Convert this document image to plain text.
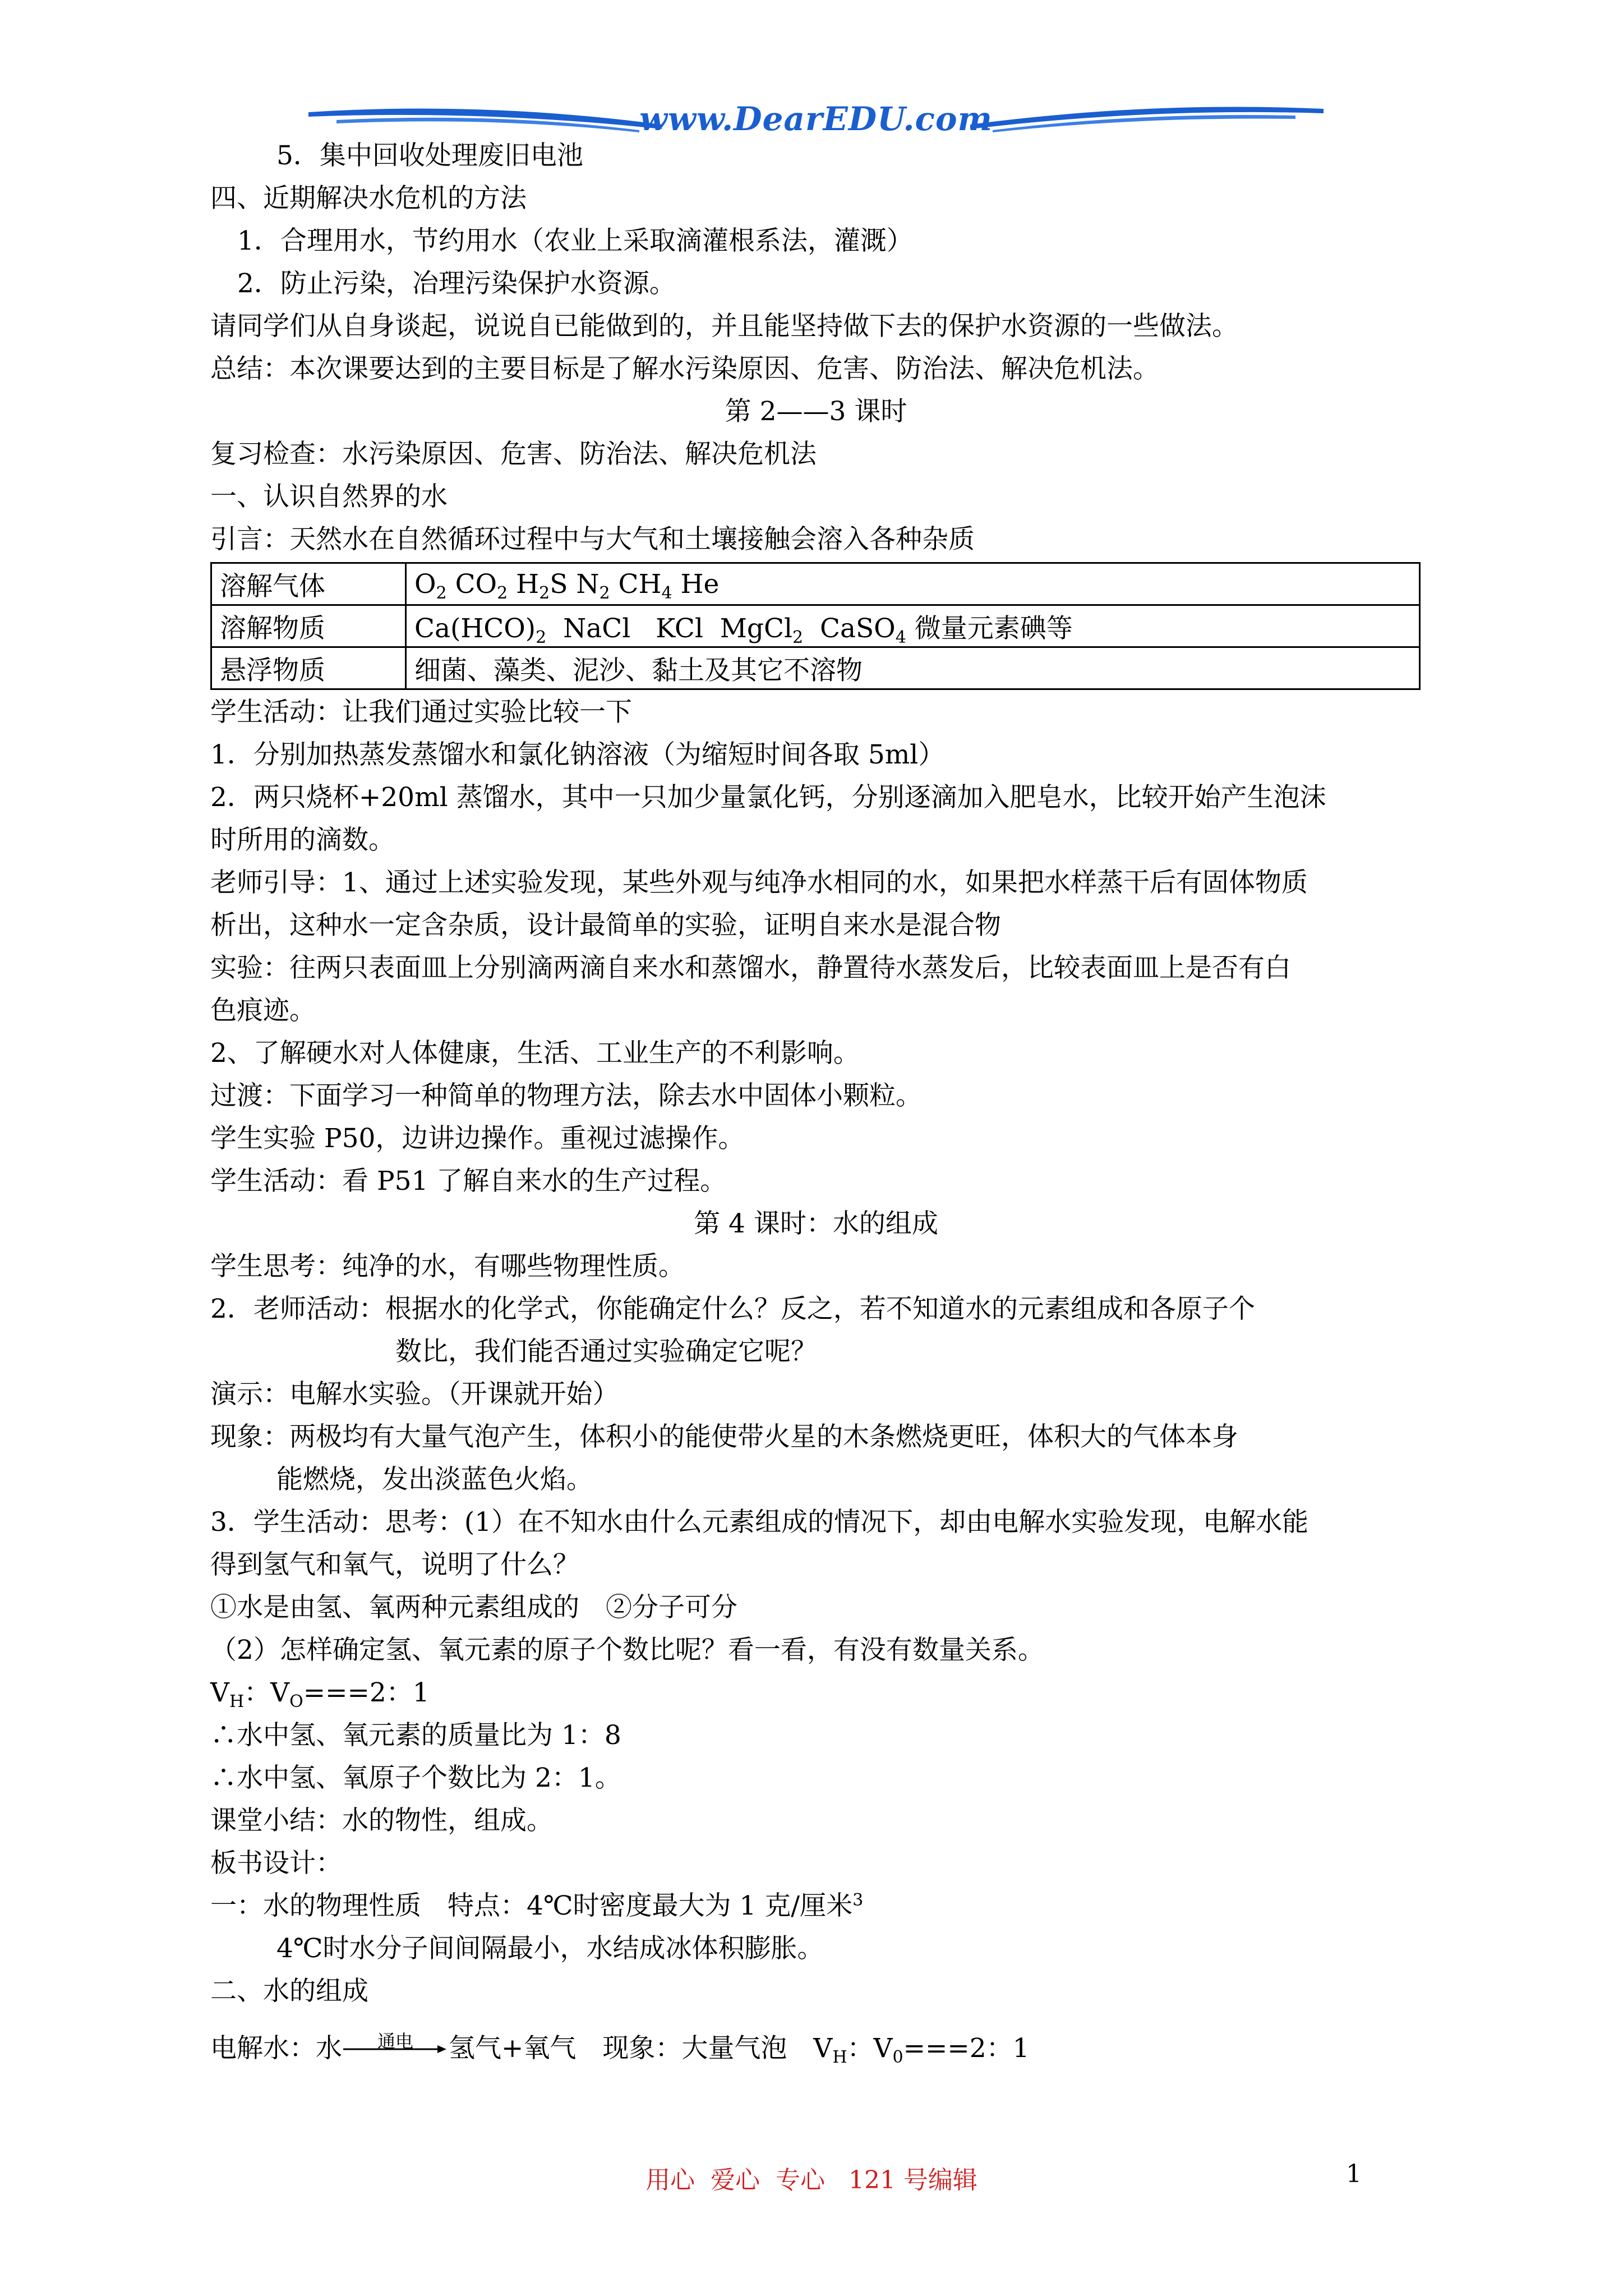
www.DearEDU.com
5．集中回收处理废旧电池
四、近期解决水危机的方法
1．合理用水，节约用水（农业上采取滴灌根系法，灌溉）
2．防止污染，冶理污染保护水资源。
请同学们从自身谈起，说说自已能做到的，并且能坚持做下去的保护水资源的一些做法。
总结：本次课要达到的主要目标是了解水污染原因、危害、防治法、解决危机法。
第 2——3 课时
复习检查：水污染原因、危害、防治法、解决危机法
一、认识自然界的水
引言：天然水在自然循环过程中与大气和土壤接触会溶入各种杂质
溶解气体	$O_2$ $CO_2$ $H_2S$ $N_2$ $CH_4$ He
溶解物质	$Ca(HCO)_2$  NaCl   KCl  MgCl$_2$  CaSO$_4$ 微量元素碘等
悬浮物质	细菌、藻类、泥沙、黏土及其它不溶物
学生活动：让我们通过实验比较一下
1．分别加热蒸发蒸馏水和氯化钠溶液（为缩短时间各取 5ml）
2．两只烧杯+20ml 蒸馏水，其中一只加少量氯化钙，分别逐滴加入肥皂水，比较开始产生泡沫
时所用的滴数。
老师引导：1、通过上述实验发现，某些外观与纯净水相同的水，如果把水样蒸干后有固体物质
析出，这种水一定含杂质，设计最简单的实验，证明自来水是混合物
实验：往两只表面皿上分别滴两滴自来水和蒸馏水，静置待水蒸发后，比较表面皿上是否有白
色痕迹。
2、了解硬水对人体健康，生活、工业生产的不利影响。
过渡：下面学习一种简单的物理方法，除去水中固体小颗粒。
学生实验 P50，边讲边操作。重视过滤操作。
学生活动：看 P51 了解自来水的生产过程。
第 4 课时：水的组成
学生思考：纯净的水，有哪些物理性质。
2．老师活动：根据水的化学式，你能确定什么？反之，若不知道水的元素组成和各原子个
数比，我们能否通过实验确定它呢？
演示：电解水实验。（开课就开始）
现象：两极均有大量气泡产生，体积小的能使带火星的木条燃烧更旺，体积大的气体本身
能燃烧，发出淡蓝色火焰。
3．学生活动：思考：(1）在不知水由什么元素组成的情况下，却由电解水实验发现，电解水能
得到氢气和氧气，说明了什么？
①水是由氢、氧两种元素组成的　②分子可分
（2）怎样确定氢、氧元素的原子个数比呢？看一看，有没有数量关系。
$V_H$：$V_O===2$：1
∴水中氢、氧元素的质量比为 1：8
∴水中氢、氧原子个数比为 2：1。
课堂小结：水的物性，组成。
板书设计：
一：水的物理性质　特点：4℃时密度最大为 1 克/厘米$^3$
4℃时水分子间间隔最小，水结成冰体积膨胀。
二、水的组成
电解水：水	通电	氢气+氧气　现象：大量气泡　$V_H$：$V_0===2$：1
用心  爱心  专心   121 号编辑	1
